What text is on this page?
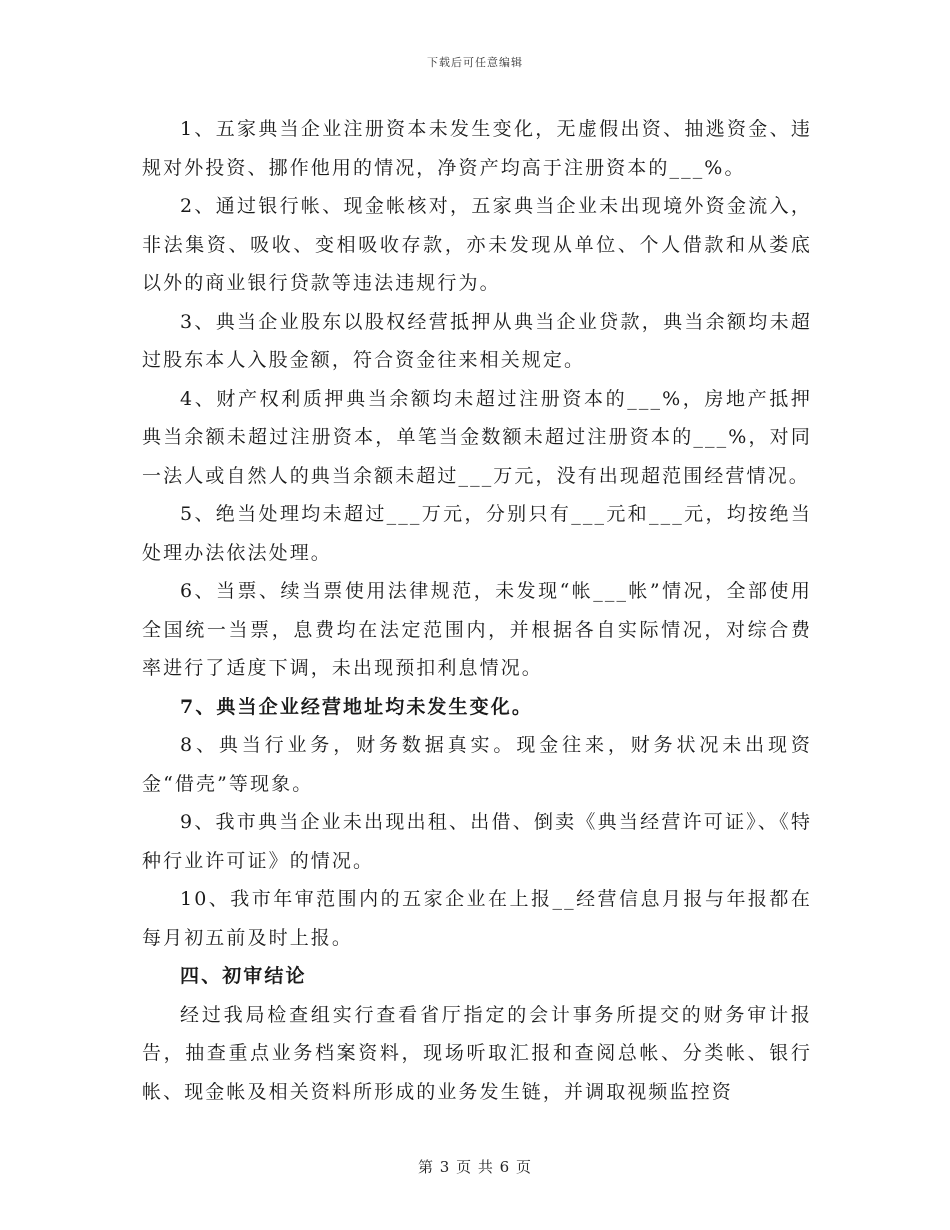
下载后可任意编辑

1、五家典当企业注册资本未发生变化，无虚假出资、抽逃资金、违规对外投资、挪作他用的情况，净资产均高于注册资本的___%。

2、通过银行帐、现金帐核对，五家典当企业未出现境外资金流入，非法集资、吸收、变相吸收存款，亦未发现从单位、个人借款和从娄底以外的商业银行贷款等违法违规行为。

3、典当企业股东以股权经营抵押从典当企业贷款，典当余额均未超过股东本人入股金额，符合资金往来相关规定。

4、财产权利质押典当余额均未超过注册资本的___%，房地产抵押典当余额未超过注册资本，单笔当金数额未超过注册资本的___%，对同一法人或自然人的典当余额未超过___万元，没有出现超范围经营情况。

5、绝当处理均未超过___万元，分别只有___元和___元，均按绝当处理办法依法处理。

6、当票、续当票使用法律规范，未发现“帐___帐”情况，全部使用全国统一当票，息费均在法定范围内，并根据各自实际情况，对综合费率进行了适度下调，未出现预扣利息情况。

7、典当企业经营地址均未发生变化。

8、典当行业务，财务数据真实。现金往来，财务状况未出现资金“借壳”等现象。

9、我市典当企业未出现出租、出借、倒卖《典当经营许可证》、《特种行业许可证》的情况。

10、我市年审范围内的五家企业在上报__经营信息月报与年报都在每月初五前及时上报。

四、初审结论

经过我局检查组实行查看省厅指定的会计事务所提交的财务审计报告，抽查重点业务档案资料，现场听取汇报和查阅总帐、分类帐、银行帐、现金帐及相关资料所形成的业务发生链，并调取视频监控资

第 3 页 共 6 页
